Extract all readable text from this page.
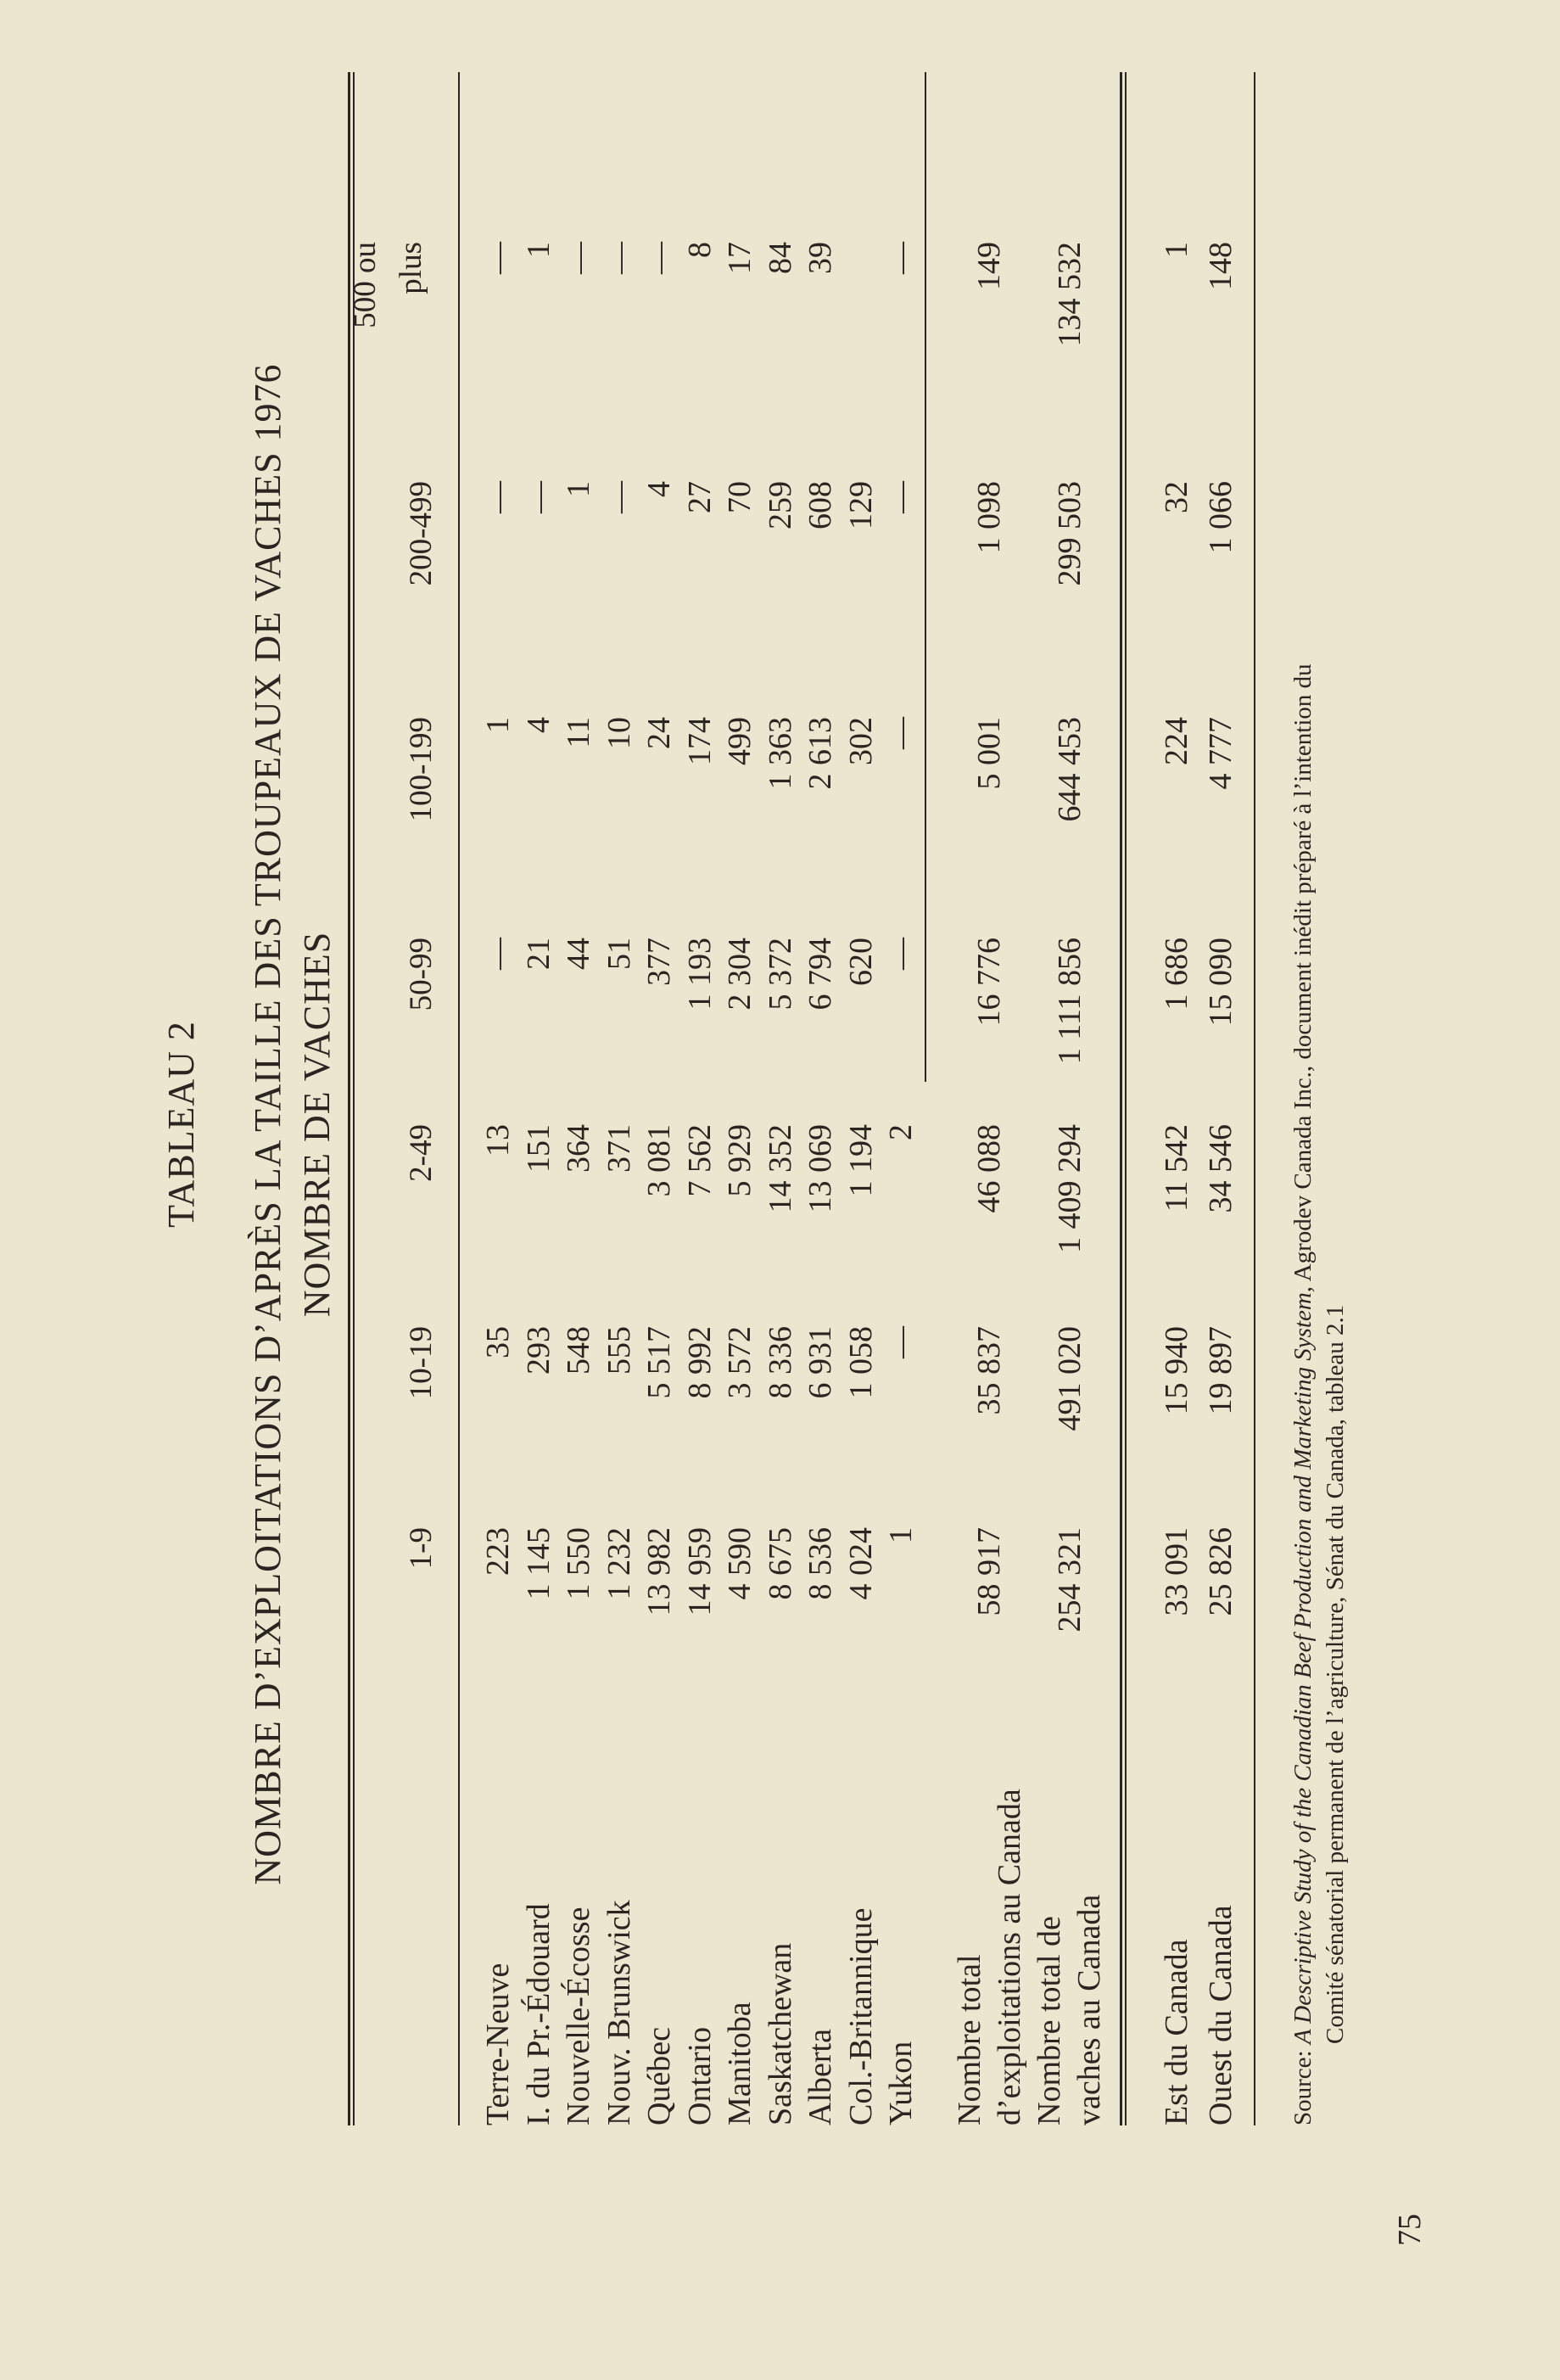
TABLEAU 2 NOMBRE D’EXPLOITATIONS D’APRÈS LA TAILLE DES TROUPEAUX DE VACHES 1976 NOMBRE DE VACHES
500 ou
1-9
10-19
2-49
50-99
100-199
200-499
plus
Terre-Neuve
223
35
13
—
1
—
—
I. du Pr.-Édouard
1 145
293
151
21
4
—
1
Nouvelle-Écosse
1 550
548
364
44
11
1
—
Nouv. Brunswick
1 232
555
371
51
10
—
—
Québec
13 982
5 517
3 081
377
24
4
—
Ontario
14 959
8 992
7 562
1 193
174
27
8
Manitoba
4 590
3 572
5 929
2 304
499
70
17
Saskatchewan
8 675
8 336
14 352
5 372
1 363
259
84
Alberta
8 536
6 931
13 069
6 794
2 613
608
39
Col.-Britannique
4 024
1 058
1 194
620
302
129
Yukon
1
—
2
—
—
—
—
Nombre total d’exploitations au Canada
58 917
35 837
46 088
16 776
5 001
1 098
149
Nombre total de vaches au Canada
254 321
491 020
1 409 294
1 111 856
644 453
299 503
134 532
Est du Canada
33 091
15 940
11 542
1 686
224
32
1
Ouest du Canada
25 826
19 897
34 546
15 090
4 777
1 066
148
Source: A Descriptive Study of the Canadian Beef Production and Marketing System, Agrodev Canada Inc., document inédit préparé à l’intention du
Comité sénatorial permanent de l’agriculture, Sénat du Canada, tableau 2.1
75
